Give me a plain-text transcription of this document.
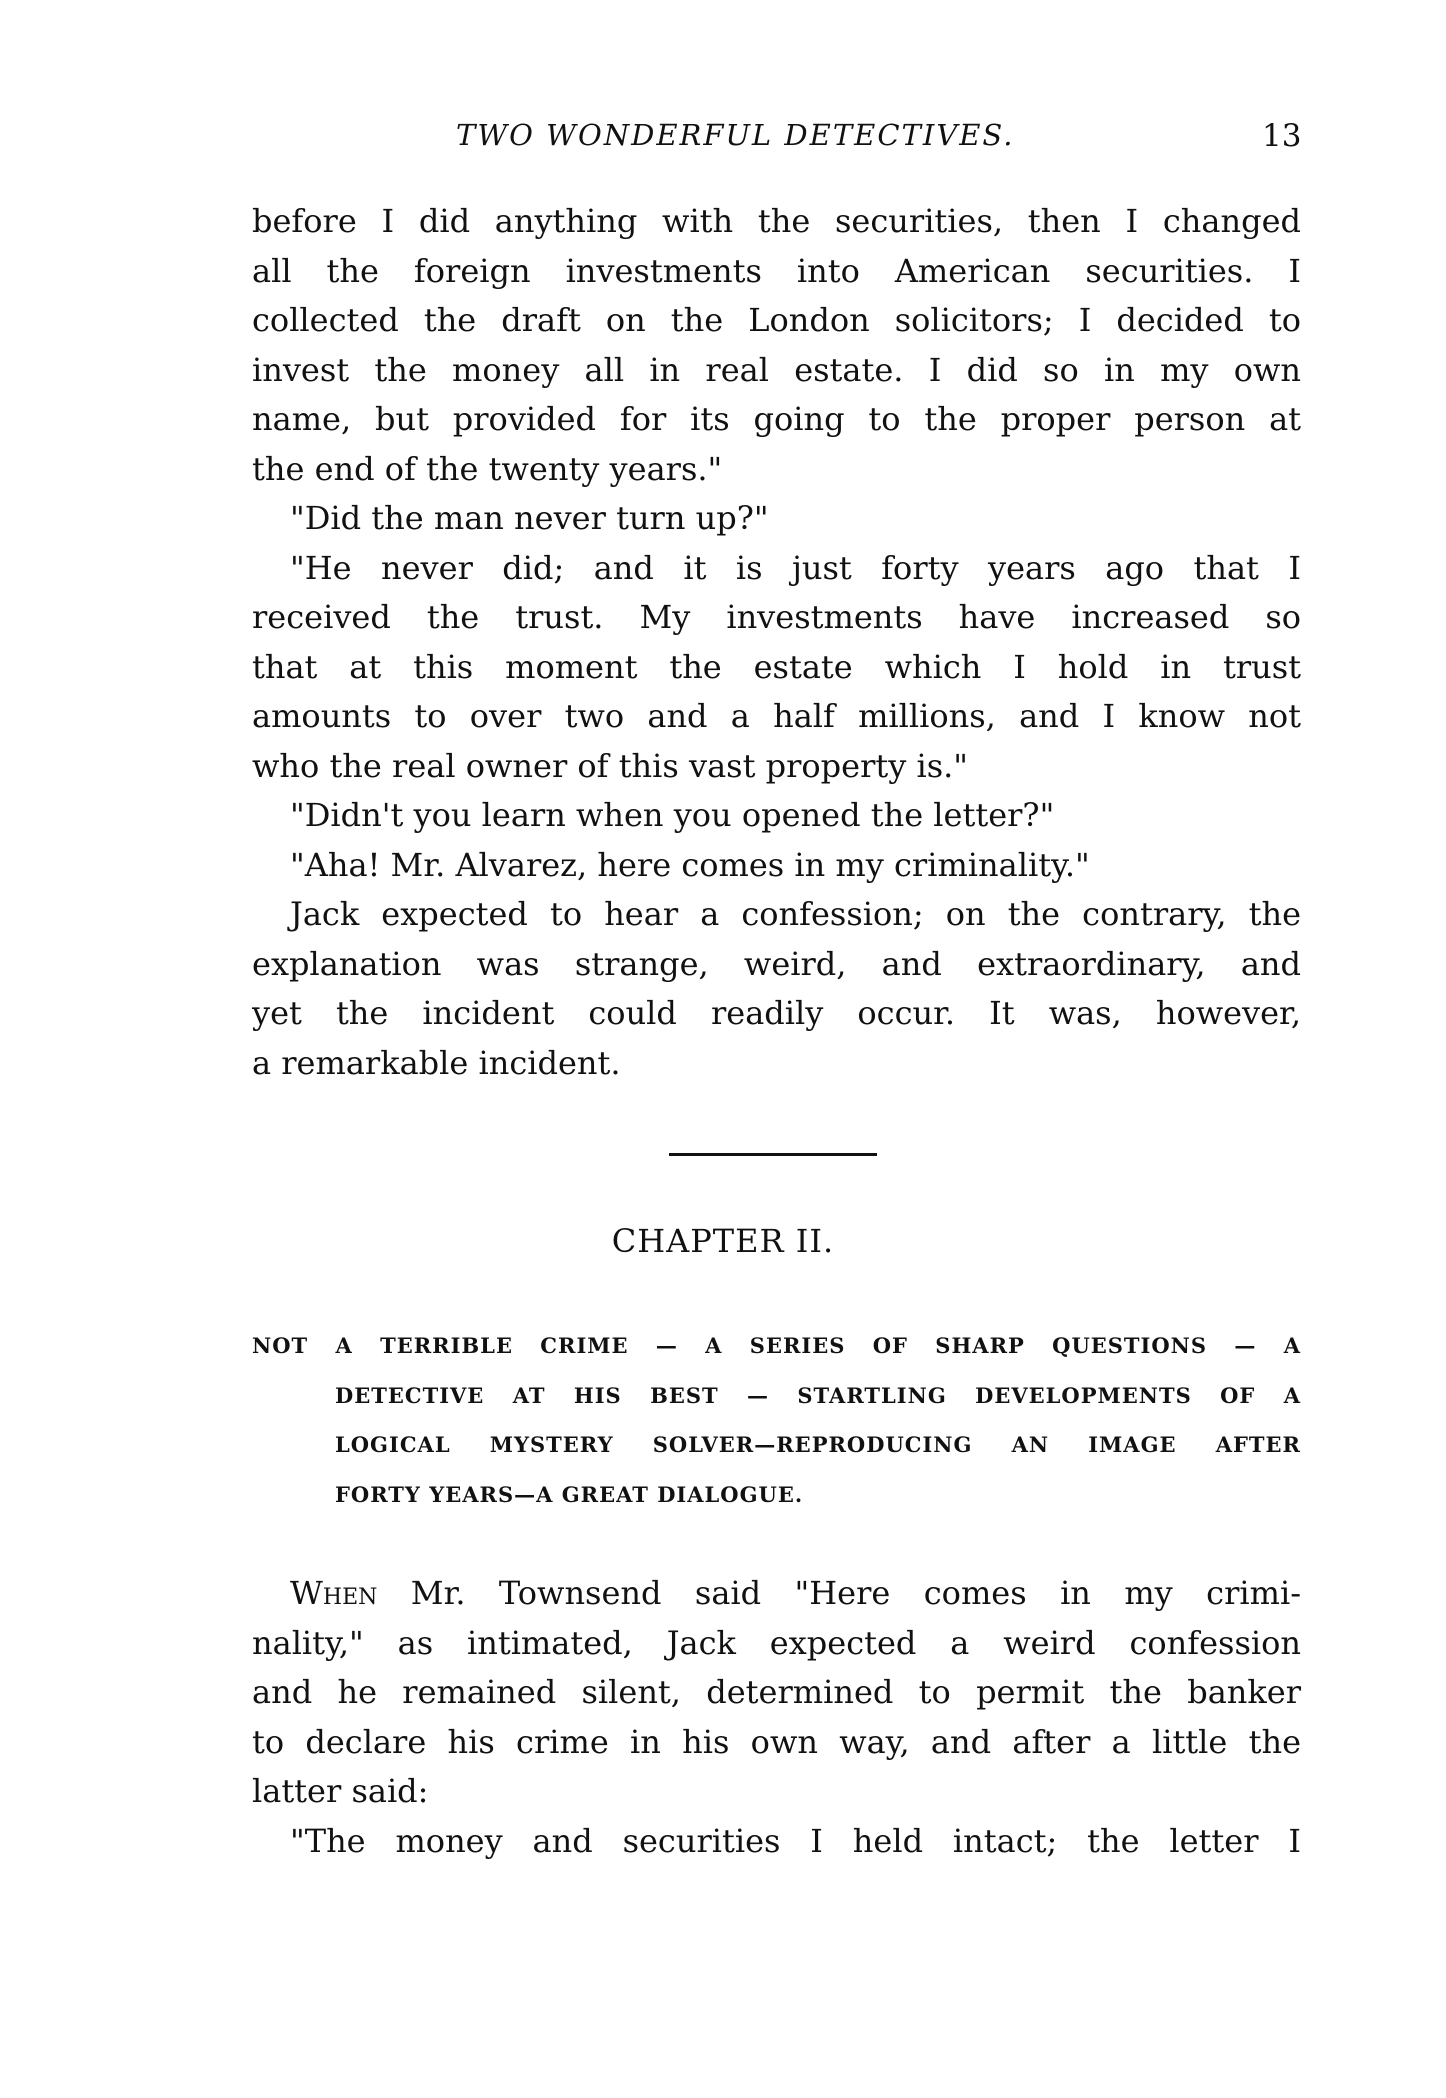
TWO WONDERFUL DETECTIVES.	13
before I did anything with the securities, then I changed
all the foreign investments into American securities. I
collected the draft on the London solicitors; I decided to
invest the money all in real estate. I did so in my own
name, but provided for its going to the proper person at
the end of the twenty years."
"Did the man never turn up?"
"He never did; and it is just forty years ago that I
received the trust. My investments have increased so
that at this moment the estate which I hold in trust
amounts to over two and a half millions, and I know not
who the real owner of this vast property is."
"Didn't you learn when you opened the letter?"
"Aha! Mr. Alvarez, here comes in my criminality."
Jack expected to hear a confession; on the contrary, the
explanation was strange, weird, and extraordinary, and
yet the incident could readily occur. It was, however,
a remarkable incident.
CHAPTER II.
NOT A TERRIBLE CRIME — A SERIES OF SHARP QUESTIONS — A
DETECTIVE AT HIS BEST — STARTLING DEVELOPMENTS OF A
LOGICAL MYSTERY SOLVER—REPRODUCING AN IMAGE AFTER
FORTY YEARS—A GREAT DIALOGUE.
When Mr. Townsend said "Here comes in my crimi-
nality," as intimated, Jack expected a weird confession
and he remained silent, determined to permit the banker
to declare his crime in his own way, and after a little the
latter said:
"The money and securities I held intact; the letter I
